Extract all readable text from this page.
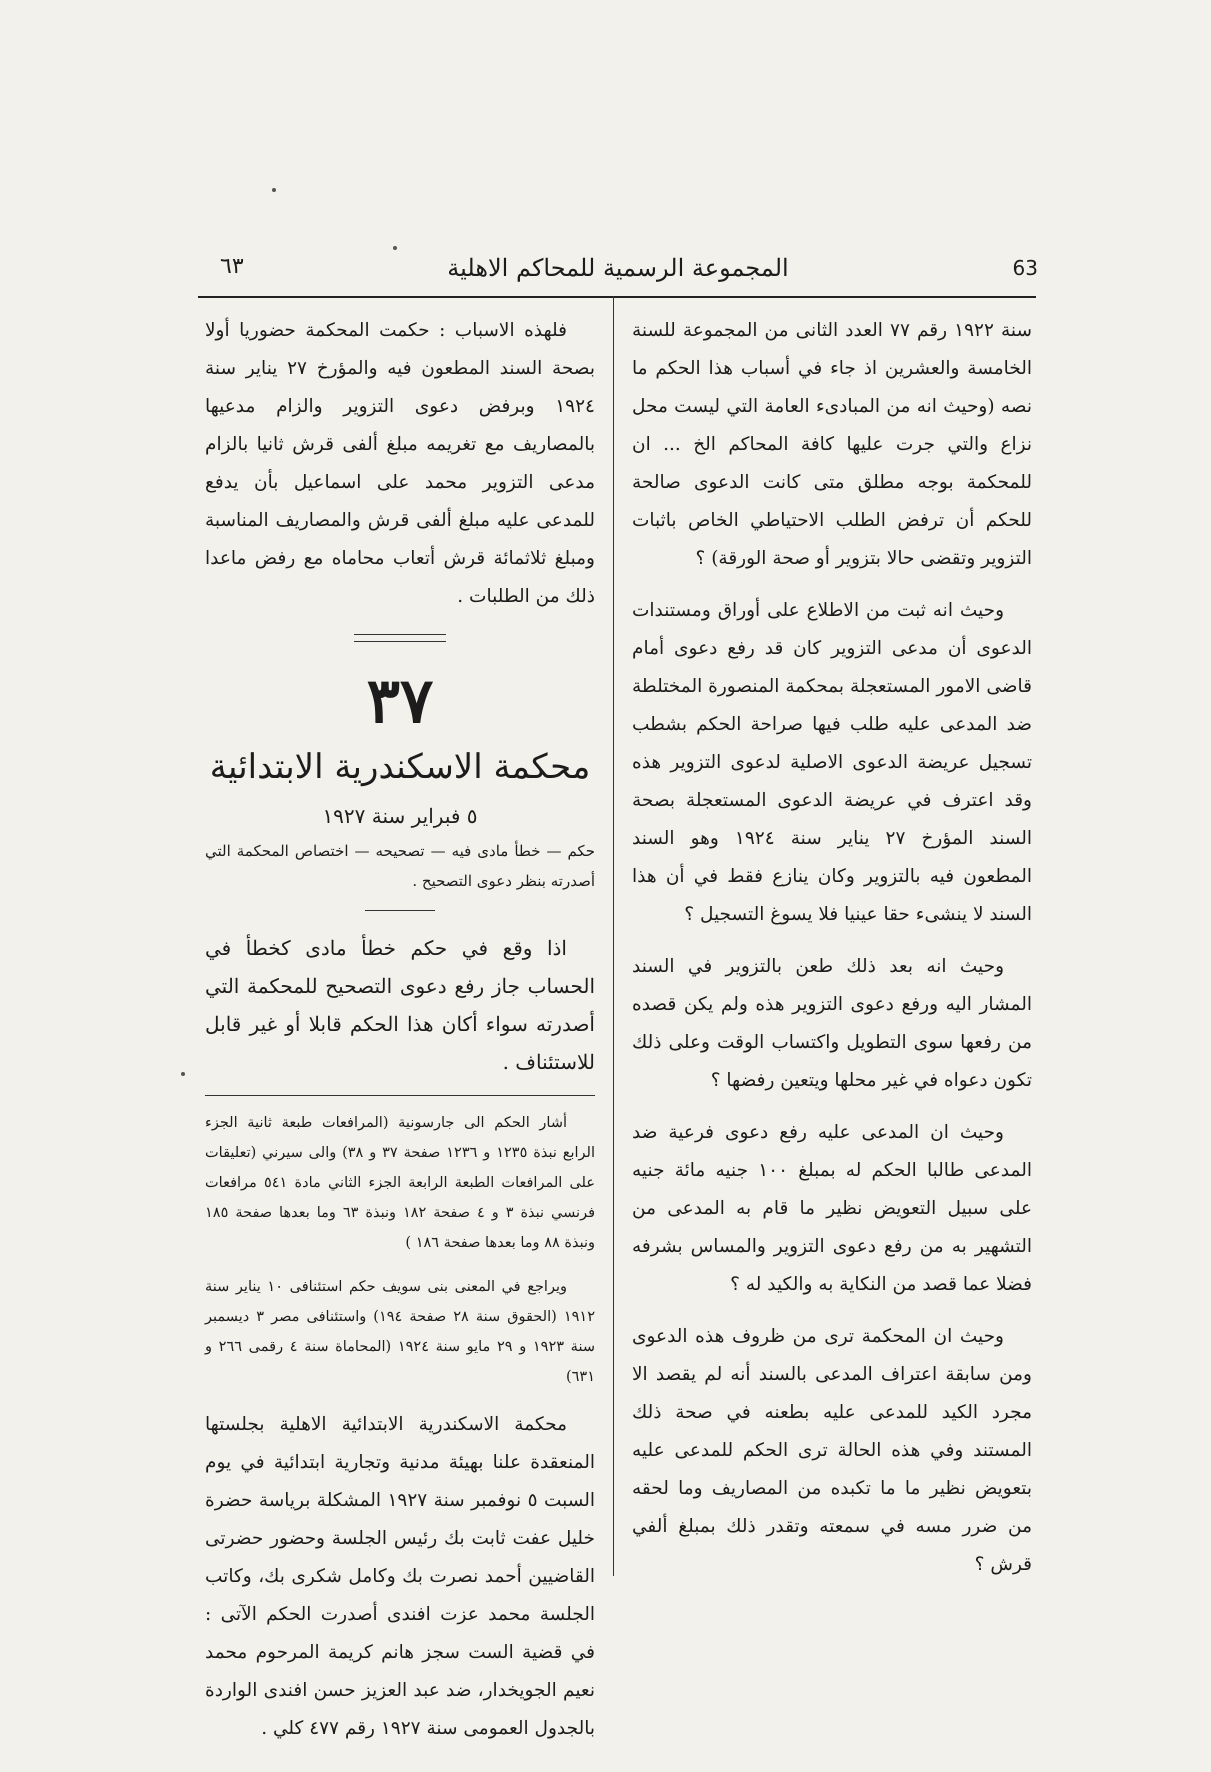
63
المجموعة الرسمية للمحاكم الاهلية
٦٣

سنة ١٩٢٢ رقم ٧٧ العدد الثانى من المجموعة للسنة الخامسة والعشرين اذ جاء في أسباب هذا الحكم ما نصه (وحيث انه من المبادىء العامة التي ليست محل نزاع والتي جرت عليها كافة المحاكم الخ ... ان للمحكمة بوجه مطلق متى كانت الدعوى صالحة للحكم أن ترفض الطلب الاحتياطي الخاص باثبات التزوير وتقضى حالا بتزوير أو صحة الورقة) ؟

وحيث انه ثبت من الاطلاع على أوراق ومستندات الدعوى أن مدعى التزوير كان قد رفع دعوى أمام قاضى الامور المستعجلة بمحكمة المنصورة المختلطة ضد المدعى عليه طلب فيها صراحة الحكم بشطب تسجيل عريضة الدعوى الاصلية لدعوى التزوير هذه وقد اعترف في عريضة الدعوى المستعجلة بصحة السند المؤرخ ٢٧ يناير سنة ١٩٢٤ وهو السند المطعون فيه بالتزوير وكان ينازع فقط في أن هذا السند لا ينشىء حقا عينيا فلا يسوغ التسجيل ؟

وحيث انه بعد ذلك طعن بالتزوير في السند المشار اليه ورفع دعوى التزوير هذه ولم يكن قصده من رفعها سوى التطويل واكتساب الوقت وعلى ذلك تكون دعواه في غير محلها ويتعين رفضها ؟

وحيث ان المدعى عليه رفع دعوى فرعية ضد المدعى طالبا الحكم له بمبلغ ١٠٠ جنيه مائة جنيه على سبيل التعويض نظير ما قام به المدعى من التشهير به من رفع دعوى التزوير والمساس بشرفه فضلا عما قصد من النكاية به والكيد له ؟

وحيث ان المحكمة ترى من ظروف هذه الدعوى ومن سابقة اعتراف المدعى بالسند أنه لم يقصد الا مجرد الكيد للمدعى عليه بطعنه في صحة ذلك المستند وفي هذه الحالة ترى الحكم للمدعى عليه بتعويض نظير ما ما تكبده من المصاريف وما لحقه من ضرر مسه في سمعته وتقدر ذلك بمبلغ ألفي قرش ؟

فلهذه الاسباب : حكمت المحكمة حضوريا أولا بصحة السند المطعون فيه والمؤرخ ٢٧ يناير سنة ١٩٢٤ وبرفض دعوى التزوير والزام مدعيها بالمصاريف مع تغريمه مبلغ ألفى قرش ثانيا بالزام مدعى التزوير محمد على اسماعيل بأن يدفع للمدعى عليه مبلغ ألفى قرش والمصاريف المناسبة ومبلغ ثلاثمائة قرش أتعاب محاماه مع رفض ماعدا ذلك من الطلبات .

٣٧
محكمة الاسكندرية الابتدائية
٥ فبراير سنة ١٩٢٧

حكم — خطأ مادى فيه — تصحيحه — اختصاص المحكمة التي أصدرته بنظر دعوى التصحيح .

اذا وقع في حكم خطأ مادى كخطأ في الحساب جاز رفع دعوى التصحيح للمحكمة التي أصدرته سواء أكان هذا الحكم قابلا أو غير قابل للاستئناف .

أشار الحكم الى جارسونية (المرافعات طبعة ثانية الجزء الرابع نبذة ١٢٣٥ و ١٢٣٦ صفحة ٣٧ و ٣٨) والى سيرني (تعليقات على المرافعات الطبعة الرابعة الجزء الثاني مادة ٥٤١ مرافعات فرنسي نبذة ٣ و ٤ صفحة ١٨٢ ونبذة ٦٣ وما بعدها صفحة ١٨٥ ونبذة ٨٨ وما بعدها صفحة ١٨٦ )

ويراجع في المعنى بنى سويف حكم استئنافى ١٠ يناير سنة ١٩١٢ (الحقوق سنة ٢٨ صفحة ١٩٤) واستئنافى مصر ٣ ديسمبر سنة ١٩٢٣ و ٢٩ مايو سنة ١٩٢٤ (المحاماة سنة ٤ رقمى ٢٦٦ و ٦٣١)

محكمة الاسكندرية الابتدائية الاهلية بجلستها المنعقدة علنا بهيئة مدنية وتجارية ابتدائية في يوم السبت ٥ نوفمبر سنة ١٩٢٧ المشكلة برياسة حضرة خليل عفت ثابت بك رئيس الجلسة وحضور حضرتى القاضيين أحمد نصرت بك وكامل شكرى بك، وكاتب الجلسة محمد عزت افندى أصدرت الحكم الآتى : في قضية الست سجز هانم كريمة المرحوم محمد نعيم الجويخدار، ضد عبد العزيز حسن افندى الواردة بالجدول العمومى سنة ١٩٢٧ رقم ٤٧٧ كلي .
